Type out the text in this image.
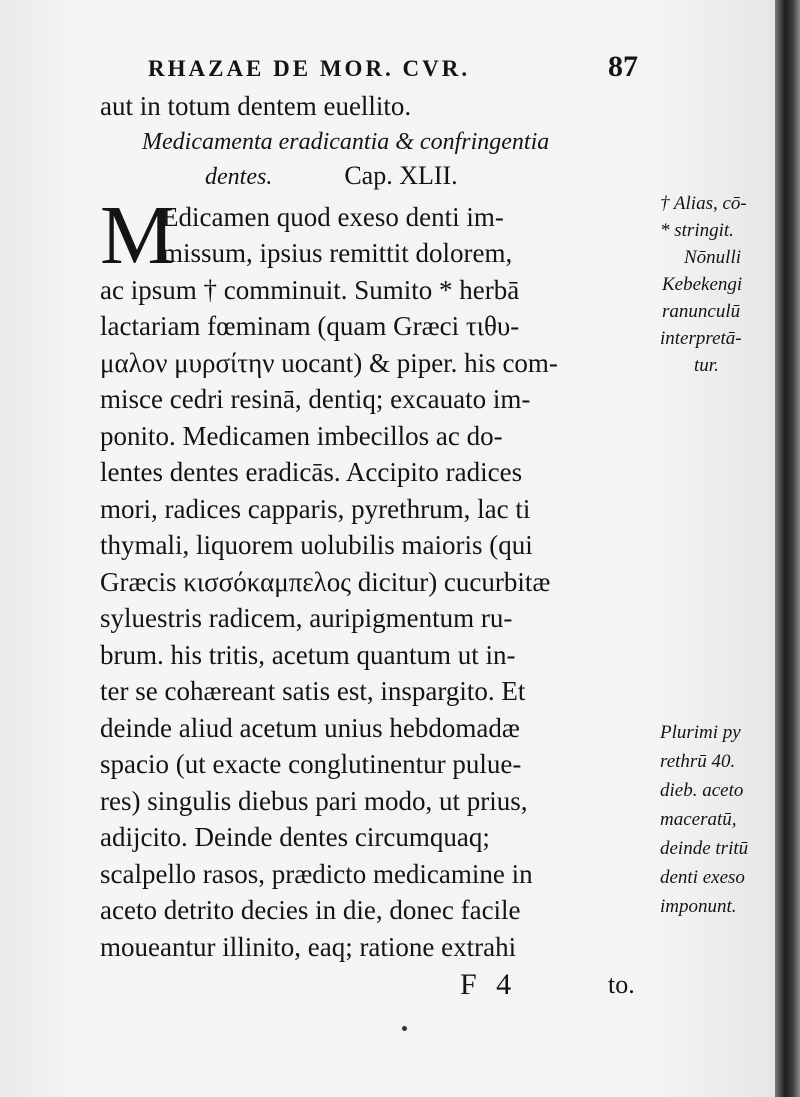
RHAZAE DE MOR. CVR.	87
aut in totum dentem euellito.
Medicamenta eradicantia & confringentia
dentes.	Cap. XLII.
M
Edicamen quod exeso denti im-
missum, ipsius remittit dolorem,
ac ipsum † comminuit. Sumito * herbā
lactariam fœminam (quam Græci τιθυ-
μαλον μυρσίτην uocant) & piper. his com-
misce cedri resinā, dentiq; excauato im-
ponito. Medicamen imbecillos ac do-
lentes dentes eradicās. Accipito radices
mori, radices capparis, pyrethrum, lac ti
thymali, liquorem uolubilis maioris (qui
Græcis κισσόκαμπελος dicitur) cucurbitæ
syluestris radicem, auripigmentum ru-
brum. his tritis, acetum quantum ut in-
ter se cohæreant satis est, inspargito. Et
deinde aliud acetum unius hebdomadæ
spacio (ut exacte conglutinentur pulue-
res) singulis diebus pari modo, ut prius,
adijcito. Deinde dentes circumquaq;
scalpello rasos, prædicto medicamine in
aceto detrito decies in die, donec facile
moueantur illinito, eaq; ratione extrahi
† Alias, cō-
* stringit.
Nōnulli
Kebekengi
ranunculū
interpretā-
tur.
Plurimi py
rethrū 40.
dieb. aceto
maceratū,
deinde tritū
denti exeso
imponunt.
F 4	to.
